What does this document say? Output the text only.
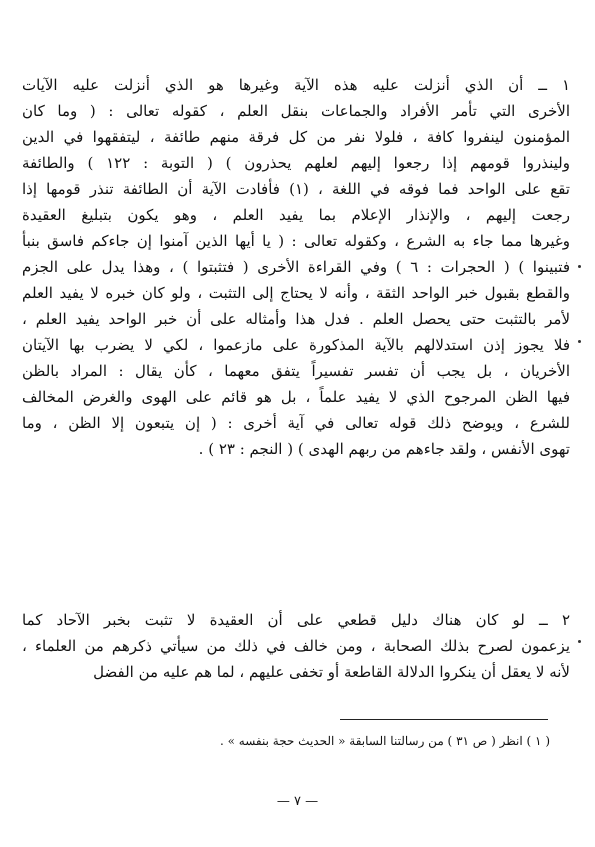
١ ــ أن الذي أنزلت عليه هذه الآية وغيرها هو الذي أنزلت عليه الآيات
الأخرى التي تأمر الأفراد والجماعات بنقل العلم ، كقوله تعالى : ( وما كان
المؤمنون لينفروا كافة ، فلولا نفر من كل فرقة منهم طائفة ، ليتفقهوا في الدين
ولينذروا قومهم إذا رجعوا إليهم لعلهم يحذرون ) ( التوبة : ١٢٢ ) والطائفة
تقع على الواحد فما فوقه في اللغة ، (١) فأفادت الآية أن الطائفة تنذر قومها إذا
رجعت إليهم ، والإنذار الإعلام بما يفيد العلم ، وهو يكون بتبليغ العقيدة
وغيرها مما جاء به الشرع ، وكقوله تعالى : ( يا أيها الذين آمنوا إن جاءكم فاسق بنبأ
فتبينوا ) ( الحجرات : ٦ ) وفي القراءة الأخرى ( فتثبتوا ) ، وهذا يدل على الجزم
والقطع بقبول خبر الواحد الثقة ، وأنه لا يحتاج إلى التثبت ، ولو كان خبره لا يفيد العلم
لأمر بالتثبت حتى يحصل العلم . فدل هذا وأمثاله على أن خبر الواحد يفيد العلم ،
فلا يجوز إذن استدلالهم بالآية المذكورة على مازعموا ، لكي لا يضرب بها الآيتان
الأخريان ، بل يجب أن تفسر تفسيراً يتفق معهما ، كأن يقال : المراد بالظن
فيها الظن المرجوح الذي لا يفيد علماً ، بل هو قائم على الهوى والغرض المخالف
للشرع ، ويوضح ذلك قوله تعالى في آية أخرى : ( إن يتبعون إلا الظن ، وما
تهوى الأنفس ، ولقد جاءهم من ربهم الهدى ) ( النجم : ٢٣ ) .
٢ ــ لو كان هناك دليل قطعي على أن العقيدة لا تثبت بخبر الآحاد كما
يزعمون لصرح بذلك الصحابة ، ومن خالف في ذلك من سيأتي ذكرهم من العلماء ،
لأنه لا يعقل أن ينكروا الدلالة القاطعة أو تخفى عليهم ، لما هم عليه من الفضل
( ١ ) انظر ( ص ٣١ ) من رسالتنا السابقة « الحديث حجة بنفسه » .
— ٧ —
